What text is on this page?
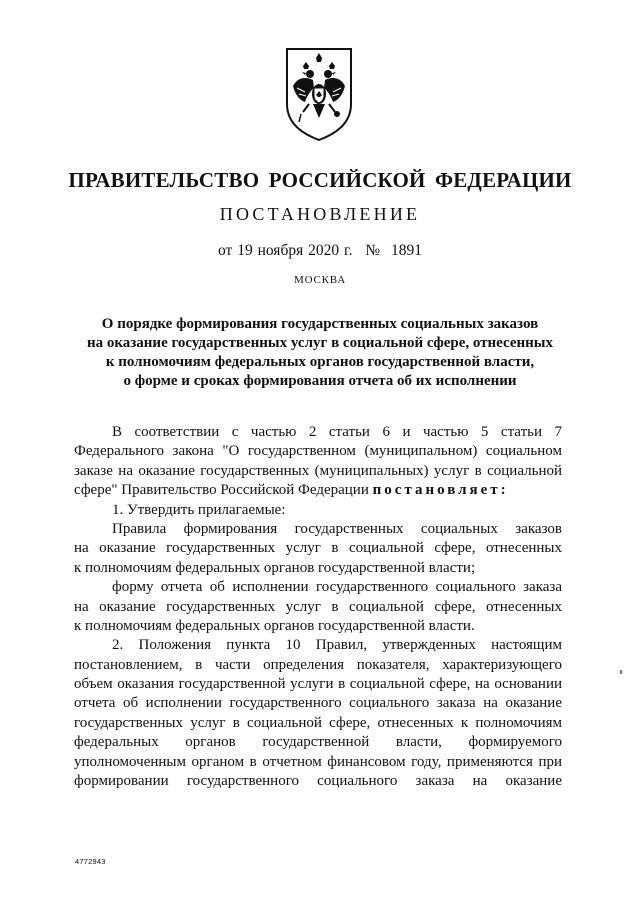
ПРАВИТЕЛЬСТВО РОССИЙСКОЙ ФЕДЕРАЦИИ
ПОСТАНОВЛЕНИЕ
от 19 ноября 2020 г. № 1891
МОСКВА
О порядке формирования государственных социальных заказов
на оказание государственных услуг в социальной сфере, отнесенных
к полномочиям федеральных органов государственной власти,
о форме и сроках формирования отчета об их исполнении
В соответствии с частью 2 статьи 6 и частью 5 статьи 7
Федерального закона "О государственном (муниципальном) социальном
заказе на оказание государственных (муниципальных) услуг в социальной
сфере" Правительство Российской Федерации постановляет:
1. Утвердить прилагаемые:
Правила формирования государственных социальных заказов
на оказание государственных услуг в социальной сфере, отнесенных
к полномочиям федеральных органов государственной власти;
форму отчета об исполнении государственного социального заказа
на оказание государственных услуг в социальной сфере, отнесенных
к полномочиям федеральных органов государственной власти.
2. Положения пункта 10 Правил, утвержденных настоящим
постановлением, в части определения показателя, характеризующего
объем оказания государственной услуги в социальной сфере, на основании
отчета об исполнении государственного социального заказа на оказание
государственных услуг в социальной сфере, отнесенных к полномочиям
федеральных органов государственной власти, формируемого
уполномоченным органом в отчетном финансовом году, применяются при
формировании государственного социального заказа на оказание
4772943
